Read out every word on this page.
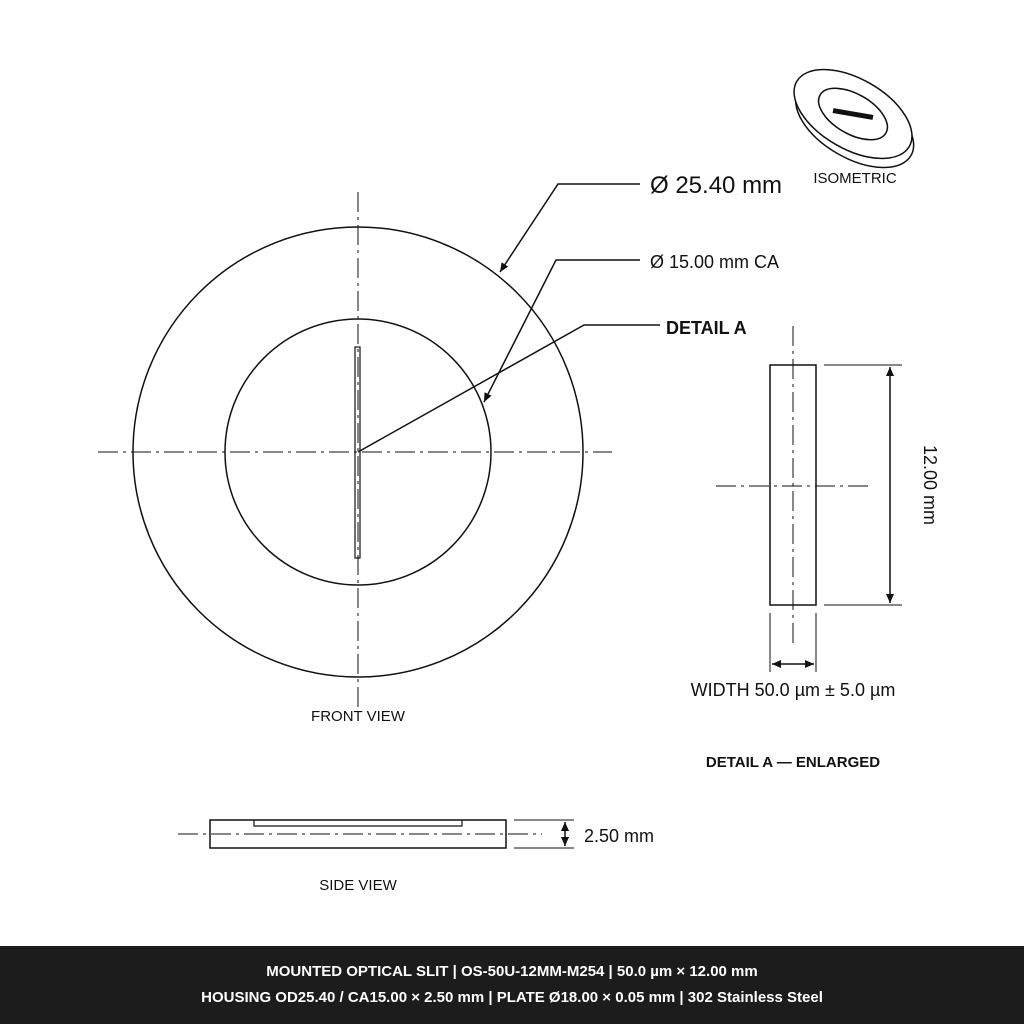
Ø 25.40 mm
Ø 15.00 mm CA
DETAIL A
FRONT VIEW
ISOMETRIC
12.00 mm
WIDTH 50.0 µm ± 5.0 µm
DETAIL A — ENLARGED
2.50 mm
SIDE VIEW
MOUNTED OPTICAL SLIT | OS-50U-12MM-M254 | 50.0 µm × 12.00 mm
HOUSING OD25.40 / CA15.00 × 2.50 mm | PLATE Ø18.00 × 0.05 mm | 302 Stainless Steel
